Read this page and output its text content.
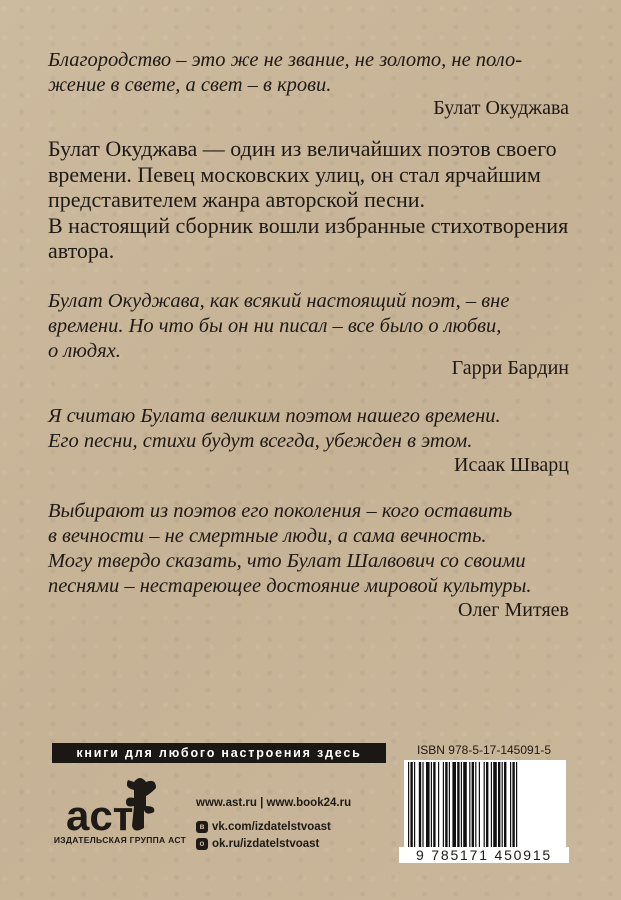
Благородство – это же не звание, не золото, не поло-
жение в свете, а свет – в крови.

Булат Окуджава

Булат Окуджава — один из величайших поэтов своего
времени. Певец московских улиц, он стал ярчайшим
представителем жанра авторской песни.
В настоящий сборник вошли избранные стихотворения
автора.

Булат Окуджава, как всякий настоящий поэт, – вне
времени. Но что бы он ни писал – все было о любви,
о людях.

Гарри Бардин

Я считаю Булата великим поэтом нашего времени.
Его песни, стихи будут всегда, убежден в этом.

Исаак Шварц

Выбирают из поэтов его поколения – кого оставить
в вечности – не смертные люди, а сама вечность.
Могу твердо сказать, что Булат Шалвович со своими
песнями – нестареющее достояние мировой культуры.

Олег Митяев

книги для любого настроения здесь
аст
ИЗДАТЕЛЬСКАЯ ГРУППА АСТ
www.ast.ru | www.book24.ru
в vk.com/izdatelstvoast
о ok.ru/izdatelstvoast
ISBN 978-5-17-145091-5
9 785171 450915
